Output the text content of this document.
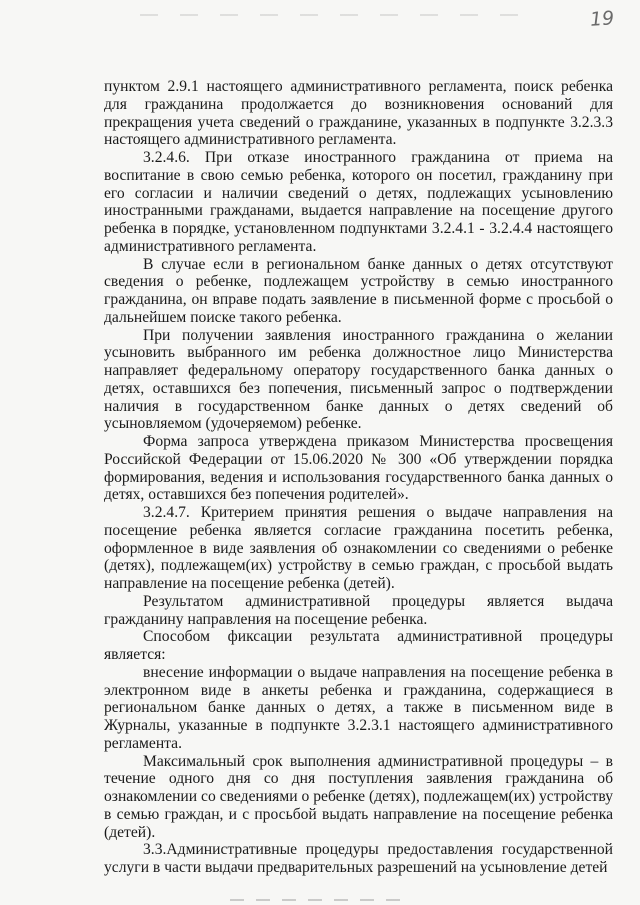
19

пунктом 2.9.1 настоящего административного регламента, поиск ребенка для гражданина продолжается до возникновения оснований для прекращения учета сведений о гражданине, указанных в подпункте 3.2.3.3 настоящего административного регламента.

3.2.4.6. При отказе иностранного гражданина от приема на воспитание в свою семью ребенка, которого он посетил, гражданину при его согласии и наличии сведений о детях, подлежащих усыновлению иностранными гражданами, выдается направление на посещение другого ребенка в порядке, установленном подпунктами 3.2.4.1 - 3.2.4.4 настоящего административного регламента.

В случае если в региональном банке данных о детях отсутствуют сведения о ребенке, подлежащем устройству в семью иностранного гражданина, он вправе подать заявление в письменной форме с просьбой о дальнейшем поиске такого ребенка.

При получении заявления иностранного гражданина о желании усыновить выбранного им ребенка должностное лицо Министерства направляет федеральному оператору государственного банка данных о детях, оставшихся без попечения, письменный запрос о подтверждении наличия в государственном банке данных о детях сведений об усыновляемом (удочеряемом) ребенке.

Форма запроса утверждена приказом Министерства просвещения Российской Федерации от 15.06.2020 № 300 «Об утверждении порядка формирования, ведения и использования государственного банка данных о детях, оставшихся без попечения родителей».

3.2.4.7. Критерием принятия решения о выдаче направления на посещение ребенка является согласие гражданина посетить ребенка, оформленное в виде заявления об ознакомлении со сведениями о ребенке (детях), подлежащем(их) устройству в семью граждан, с просьбой выдать направление на посещение ребенка (детей).

Результатом административной процедуры является выдача гражданину направления на посещение ребенка.

Способом фиксации результата административной процедуры является:

внесение информации о выдаче направления на посещение ребенка в электронном виде в анкеты ребенка и гражданина, содержащиеся в региональном банке данных о детях, а также в письменном виде в Журналы, указанные в подпункте 3.2.3.1 настоящего административного регламента.

Максимальный срок выполнения административной процедуры – в течение одного дня со дня поступления заявления гражданина об ознакомлении со сведениями о ребенке (детях), подлежащем(их) устройству в семью граждан, и с просьбой выдать направление на посещение ребенка (детей).

3.3.Административные процедуры предоставления государственной услуги в части выдачи предварительных разрешений на усыновление детей
